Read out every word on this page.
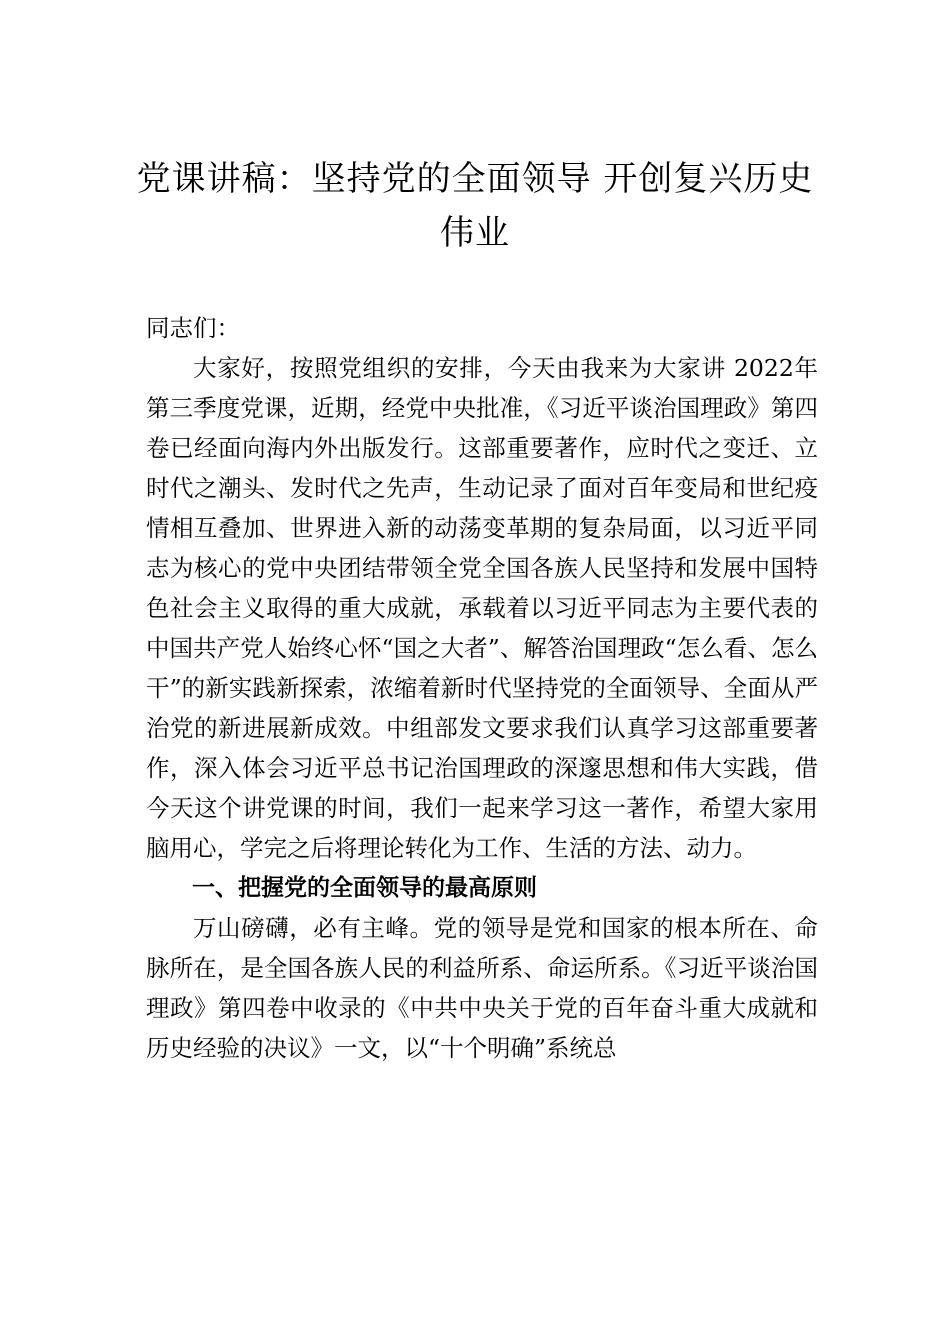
党课讲稿：坚持党的全面领导 开创复兴历史伟业

同志们：

大家好，按照党组织的安排，今天由我来为大家讲 2022年第三季度党课，近期，经党中央批准，《习近平谈治国理政》第四卷已经面向海内外出版发行。这部重要著作，应时代之变迁、立时代之潮头、发时代之先声，生动记录了面对百年变局和世纪疫情相互叠加、世界进入新的动荡变革期的复杂局面，以习近平同志为核心的党中央团结带领全党全国各族人民坚持和发展中国特色社会主义取得的重大成就，承载着以习近平同志为主要代表的中国共产党人始终心怀“国之大者”、解答治国理政“怎么看、怎么干”的新实践新探索，浓缩着新时代坚持党的全面领导、全面从严治党的新进展新成效。中组部发文要求我们认真学习这部重要著作，深入体会习近平总书记治国理政的深邃思想和伟大实践，借今天这个讲党课的时间，我们一起来学习这一著作，希望大家用脑用心，学完之后将理论转化为工作、生活的方法、动力。

一、把握党的全面领导的最高原则

万山磅礴，必有主峰。党的领导是党和国家的根本所在、命脉所在，是全国各族人民的利益所系、命运所系。《习近平谈治国理政》第四卷中收录的《中共中央关于党的百年奋斗重大成就和历史经验的决议》一文，以“十个明确”系统总
